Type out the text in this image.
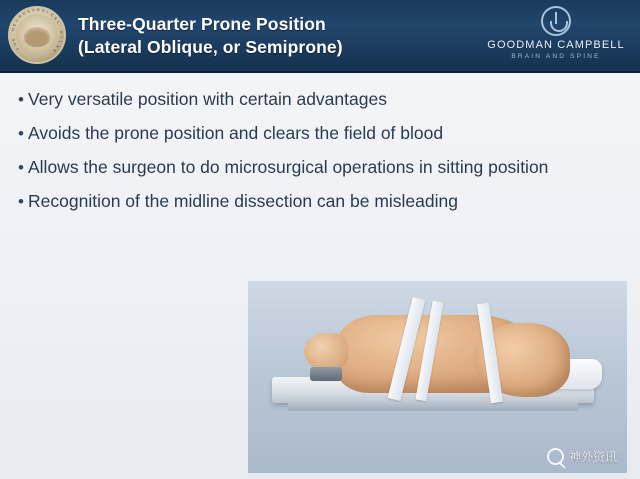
T
H
E
N
E
U
R
O S U R G I
C
A
L
A
T
L
A
S
Three-Quarter Prone Position
(Lateral Oblique, or Semiprone)	GOODMAN CAMPBELL
BRAIN AND SPINE
• Very versatile position with certain advantages
• Avoids the prone position and clears the field of blood
• Allows the surgeon to do microsurgical operations in sitting position
• Recognition of the midline dissection can be misleading
神外资讯
